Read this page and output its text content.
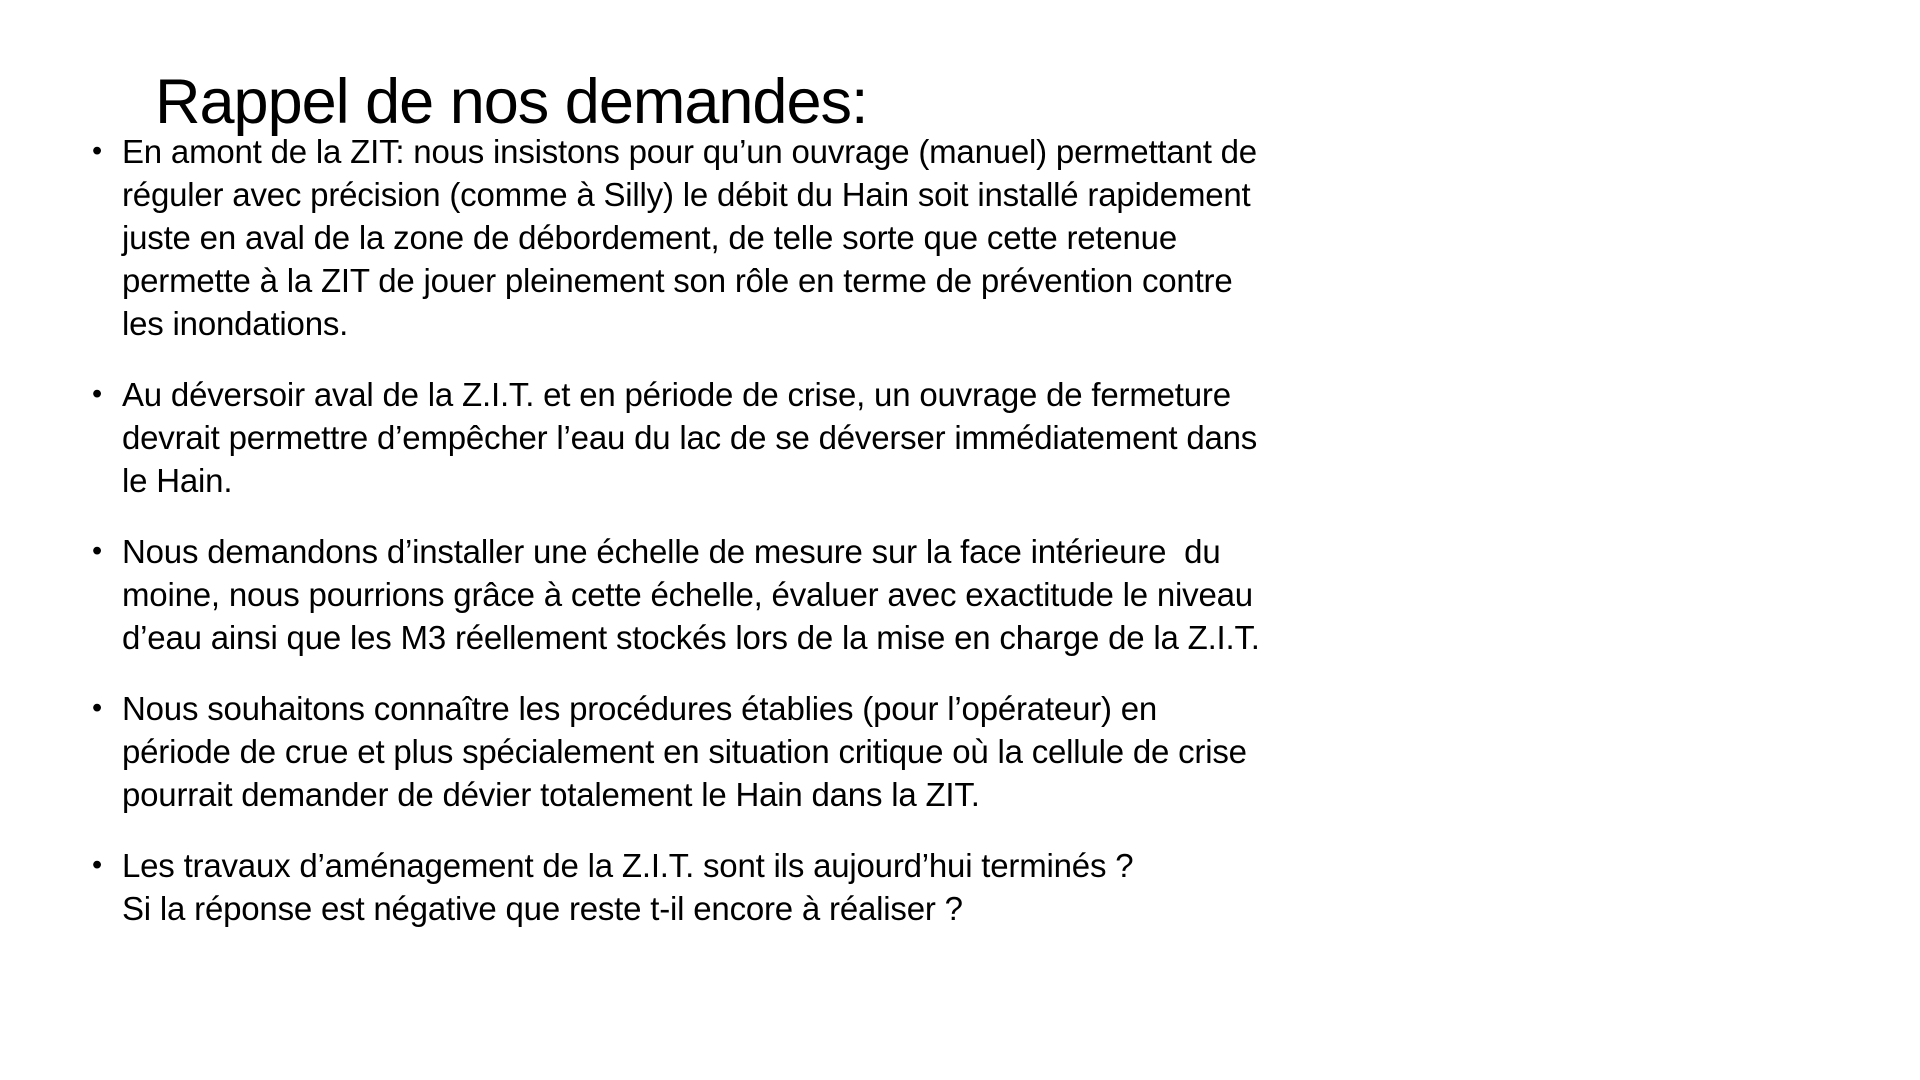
Rappel de nos demandes:
• En amont de la ZIT: nous insistons pour qu’un ouvrage (manuel) permettant de
réguler avec précision (comme à Silly) le débit du Hain soit installé rapidement
juste en aval de la zone de débordement, de telle sorte que cette retenue
permette à la ZIT de jouer pleinement son rôle en terme de prévention contre
les inondations.
• Au déversoir aval de la Z.I.T. et en période de crise, un ouvrage de fermeture
devrait permettre d’empêcher l’eau du lac de se déverser immédiatement dans
le Hain.
• Nous demandons d’installer une échelle de mesure sur la face intérieure  du
moine, nous pourrions grâce à cette échelle, évaluer avec exactitude le niveau
d’eau ainsi que les M3 réellement stockés lors de la mise en charge de la Z.I.T.
• Nous souhaitons connaître les procédures établies (pour l’opérateur) en
période de crue et plus spécialement en situation critique où la cellule de crise
pourrait demander de dévier totalement le Hain dans la ZIT.
• Les travaux d’aménagement de la Z.I.T. sont ils aujourd’hui terminés ?
Si la réponse est négative que reste t-il encore à réaliser ?
